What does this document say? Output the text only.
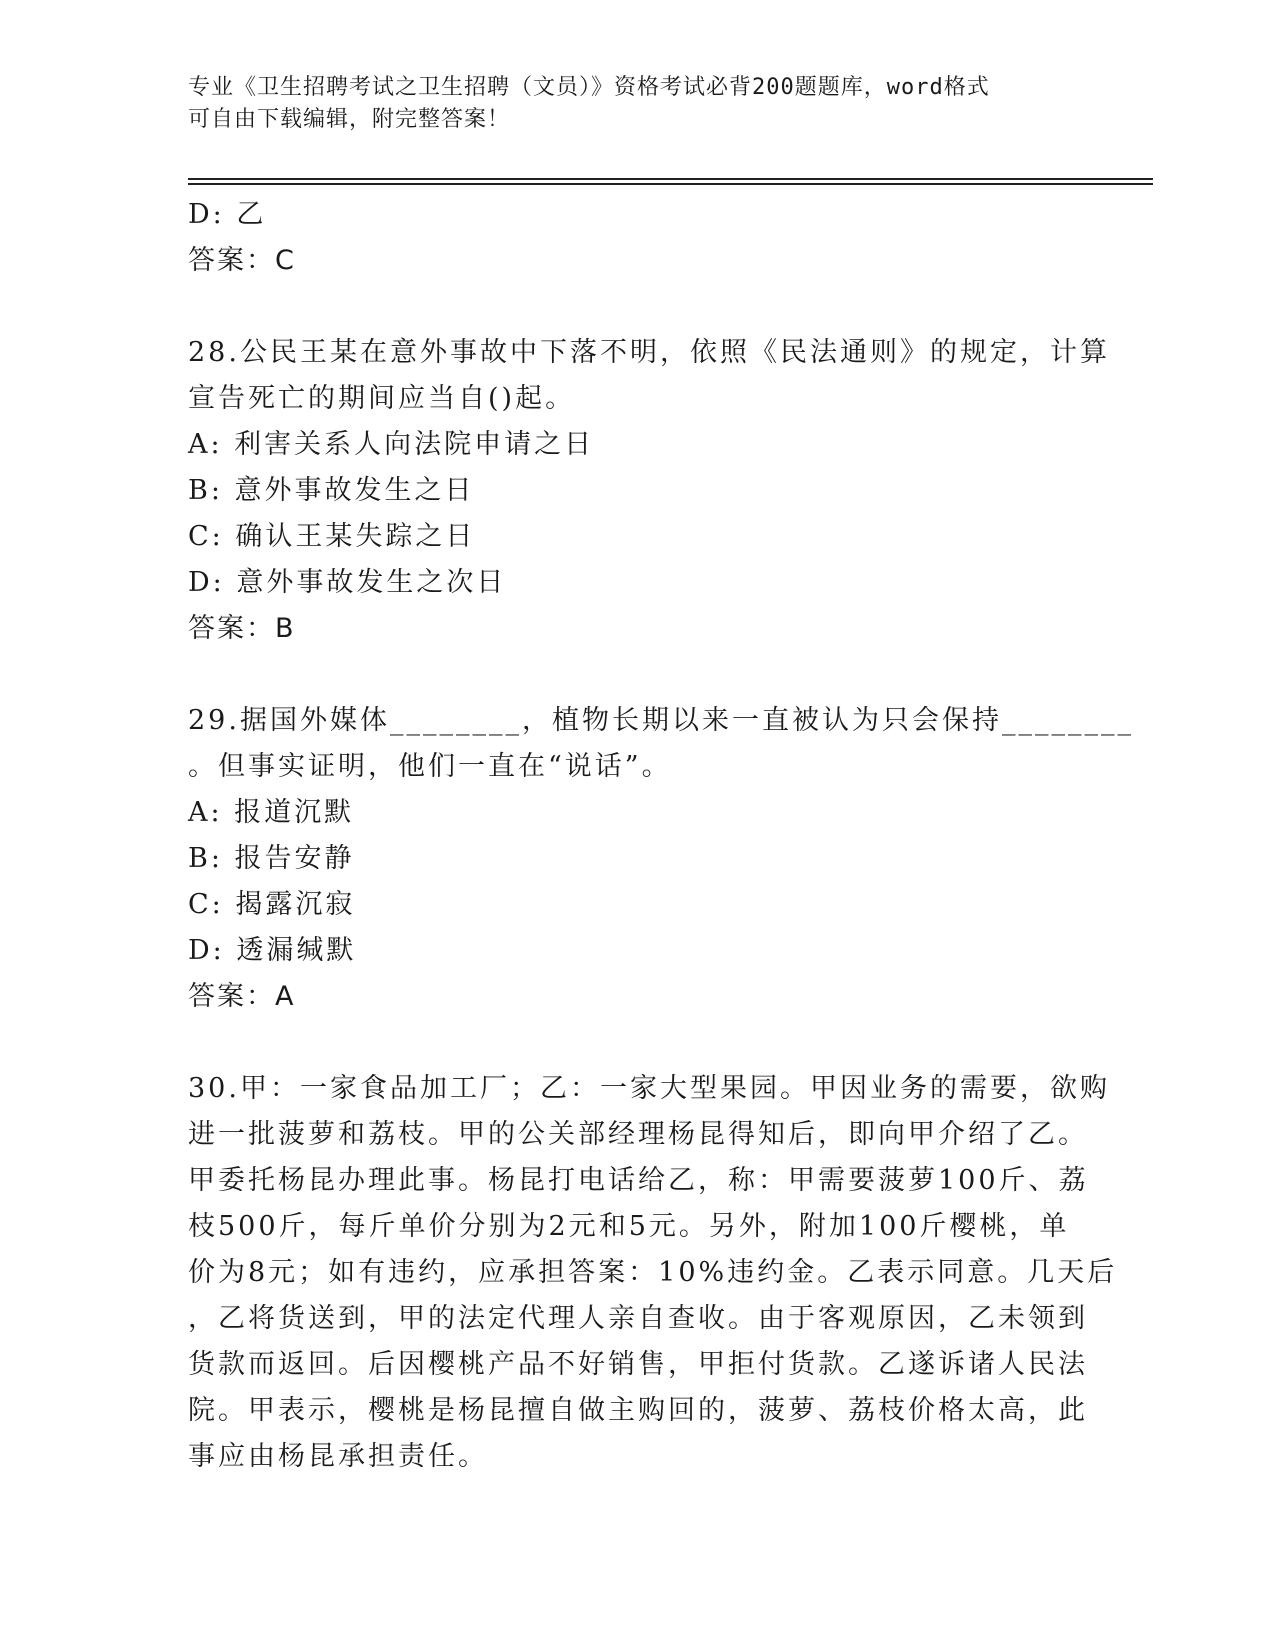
专业《卫生招聘考试之卫生招聘（文员）》资格考试必背200题题库，word格式
可自由下载编辑，附完整答案！
D: 乙
答案：C
28.公民王某在意外事故中下落不明，依照《民法通则》的规定，计算
宣告死亡的期间应当自()起。
A: 利害关系人向法院申请之日
B: 意外事故发生之日
C: 确认王某失踪之日
D: 意外事故发生之次日
答案：B
29.据国外媒体________，植物长期以来一直被认为只会保持________
。但事实证明，他们一直在“说话”。
A: 报道沉默
B: 报告安静
C: 揭露沉寂
D: 透漏缄默
答案：A
30.甲：一家食品加工厂；乙：一家大型果园。甲因业务的需要，欲购
进一批菠萝和荔枝。甲的公关部经理杨昆得知后，即向甲介绍了乙。
甲委托杨昆办理此事。杨昆打电话给乙，称：甲需要菠萝100斤、荔
枝500斤，每斤单价分别为2元和5元。另外，附加100斤樱桃，单
价为8元；如有违约，应承担答案：10%违约金。乙表示同意。几天后
，乙将货送到，甲的法定代理人亲自查收。由于客观原因，乙未领到
货款而返回。后因樱桃产品不好销售，甲拒付货款。乙遂诉诸人民法
院。甲表示，樱桃是杨昆擅自做主购回的，菠萝、荔枝价格太高，此
事应由杨昆承担责任。
